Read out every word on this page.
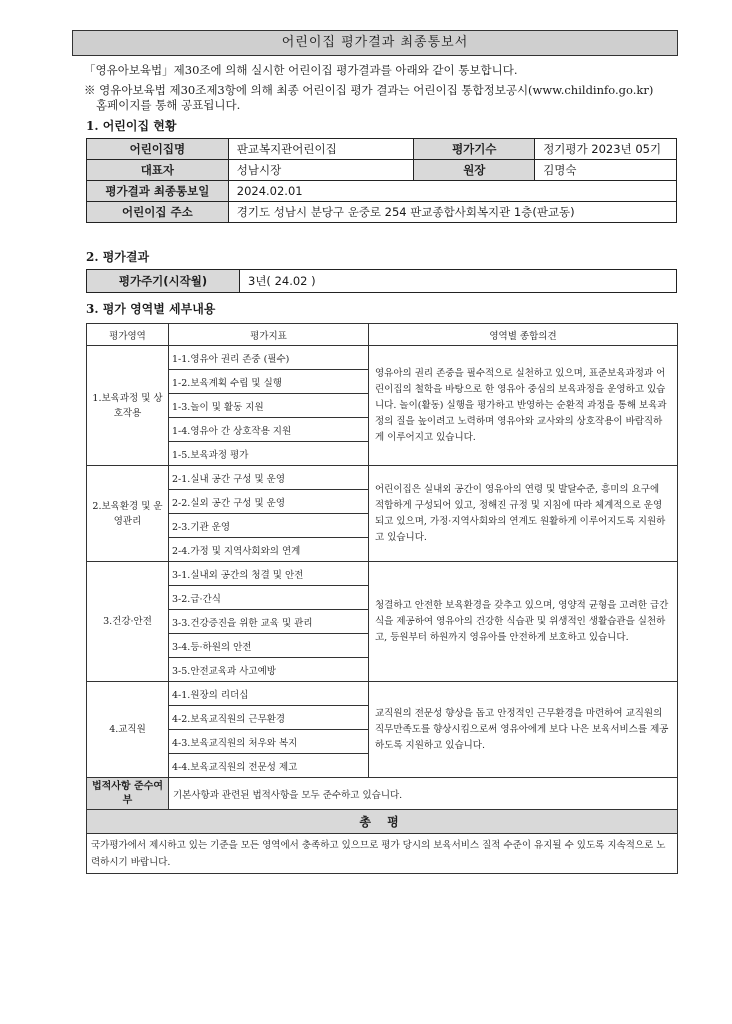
어린이집 평가결과 최종통보서
「영유아보육법」제30조에 의해 실시한 어린이집 평가결과를 아래와 같이 통보합니다.
※ 영유아보육법 제30조제3항에 의해 최종 어린이집 평가 결과는 어린이집 통합정보공시(www.childinfo.go.kr)
홈페이지를 통해 공표됩니다.
1. 어린이집 현황
어린이집명	판교복지관어린이집	평가기수	정기평가 2023년 05기
대표자	성남시장	원장	김명숙
평가결과 최종통보일	2024.02.01		
어린이집 주소	경기도 성남시 분당구 운중로 254 판교종합사회복지관 1층(판교동)		
2. 평가결과
평가주기(시작월)	3년( 24.02 )
3. 평가 영역별 세부내용
평가영역	평가지표	영역별 종합의견
1.보육과정 및 상호작용	1-1.영유아 권리 존중 (필수)	영유아의 권리 존중을 필수적으로 실천하고 있으며, 표준보육과정과 어린이집의 철학을 바탕으로 한 영유아 중심의 보육과정을 운영하고 있습니다. 놀이(활동) 실행을 평가하고 반영하는 순환적 과정을 통해 보육과정의 질을 높이려고 노력하며 영유아와 교사와의 상호작용이 바람직하게 이루어지고 있습니다.
	1-2.보육계획 수립 및 실행	
	1-3.놀이 및 활동 지원	
	1-4.영유아 간 상호작용 지원	
	1-5.보육과정 평가	
2.보육환경 및 운영관리	2-1.실내 공간 구성 및 운영	어린이집은 실내외 공간이 영유아의 연령 및 발달수준, 흥미의 요구에 적합하게 구성되어 있고, 정해진 규정 및 지침에 따라 체계적으로 운영되고 있으며, 가정·지역사회와의 연계도 원활하게 이루어지도록 지원하고 있습니다.
	2-2.실외 공간 구성 및 운영	
	2-3.기관 운영	
	2-4.가정 및 지역사회와의 연계	
3.건강·안전	3-1.실내외 공간의 청결 및 안전	청결하고 안전한 보육환경을 갖추고 있으며, 영양적 균형을 고려한 급간식을 제공하여 영유아의 건강한 식습관 및 위생적인 생활습관을 실천하고, 등원부터 하원까지 영유아를 안전하게 보호하고 있습니다.
	3-2.급·간식	
	3-3.건강증진을 위한 교육 및 관리	
	3-4.등·하원의 안전	
	3-5.안전교육과 사고예방	
4.교직원	4-1.원장의 리더십	교직원의 전문성 향상을 돕고 안정적인 근무환경을 마련하여 교직원의 직무만족도를 향상시킴으로써 영유아에게 보다 나은 보육서비스를 제공하도록 지원하고 있습니다.
	4-2.보육교직원의 근무환경	
	4-3.보육교직원의 처우와 복지	
	4-4.보육교직원의 전문성 제고	
법적사항 준수여부	기본사항과 관련된 법적사항을 모두 준수하고 있습니다.	
총 평		
국가평가에서 제시하고 있는 기준을 모든 영역에서 충족하고 있으므로 평가 당시의 보육서비스 질적 수준이 유지될 수 있도록 지속적으로 노력하시기 바랍니다.		
